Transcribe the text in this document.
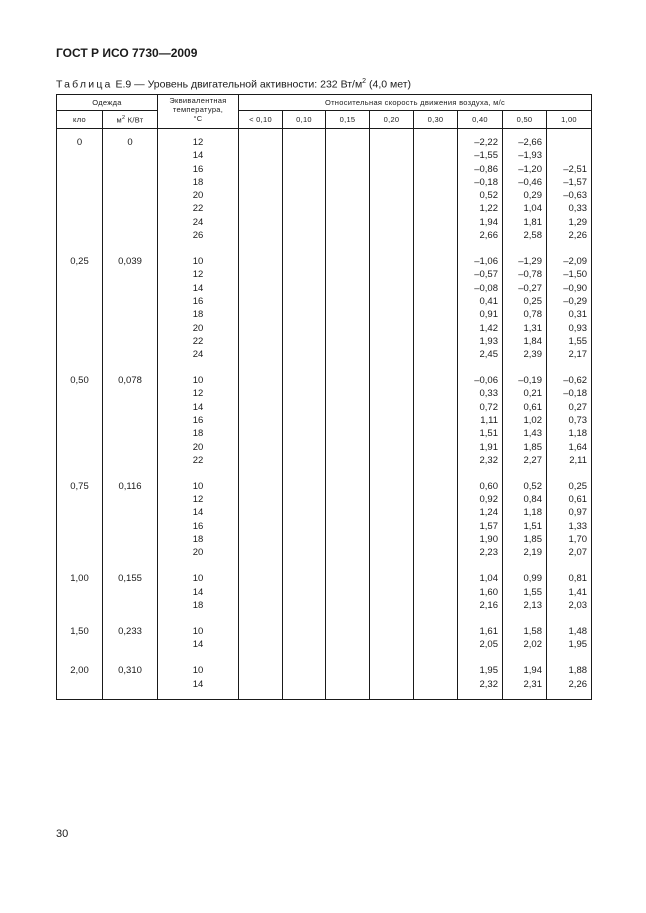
ГОСТ Р ИСО 7730—2009
Таблица Е.9 — Уровень двигательной активности: 232 $Вт/м^2$ (4,0 мет)
Одежда		Эквивалентная температура,
°С	Относительная скорость движения воздуха, м/с							
кло	$м^2$ К/Вт		< 0,10	0,10	0,15	0,20	0,30	0,40	0,50	1,00

0	0	12						–2,22	–2,66	
		14						–1,55	–1,93	
		16						–0,86	–1,20	–2,51
		18						–0,18	–0,46	–1,57
		20						0,52	0,29	–0,63
		22						1,22	1,04	0,33
		24						1,94	1,81	1,29
		26						2,66	2,58	2,26

0,25	0,039	10						–1,06	–1,29	–2,09
		12						–0,57	–0,78	–1,50
		14						–0,08	–0,27	–0,90
		16						0,41	0,25	–0,29
		18						0,91	0,78	0,31
		20						1,42	1,31	0,93
		22						1,93	1,84	1,55
		24						2,45	2,39	2,17

0,50	0,078	10						–0,06	–0,19	–0,62
		12						0,33	0,21	–0,18
		14						0,72	0,61	0,27
		16						1,11	1,02	0,73
		18						1,51	1,43	1,18
		20						1,91	1,85	1,64
		22						2,32	2,27	2,11

0,75	0,116	10						0,60	0,52	0,25
		12						0,92	0,84	0,61
		14						1,24	1,18	0,97
		16						1,57	1,51	1,33
		18						1,90	1,85	1,70
		20						2,23	2,19	2,07

1,00	0,155	10						1,04	0,99	0,81
		14						1,60	1,55	1,41
		18						2,16	2,13	2,03

1,50	0,233	10						1,61	1,58	1,48
		14						2,05	2,02	1,95

2,00	0,310	10						1,95	1,94	1,88
		14						2,32	2,31	2,26

30
